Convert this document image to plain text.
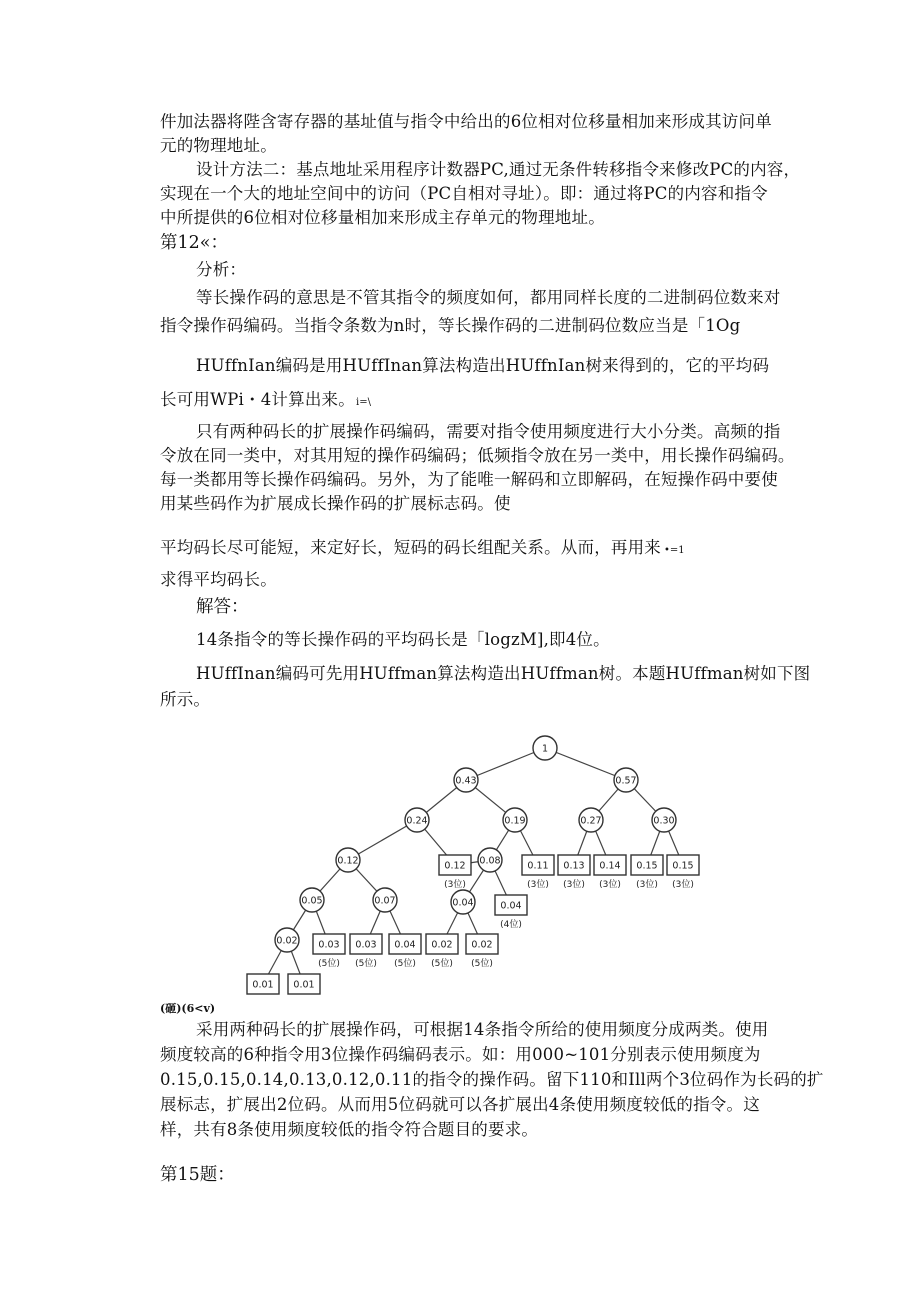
件加法器将陛含寄存器的基址值与指令中给出的6位相对位移量相加来形成其访问单
元的物理地址。
设计方法二：基点地址采用程序计数器PC,通过无条件转移指令来修改PC的内容，
实现在一个大的地址空间中的访问（PC自相对寻址）。即：通过将PC的内容和指令
中所提供的6位相对位移量相加来形成主存单元的物理地址。
第12«：
分析：
等长操作码的意思是不管其指令的频度如何，都用同样长度的二进制码位数来对
指令操作码编码。当指令条数为n时，等长操作码的二进制码位数应当是「1Og
HUffnIan编码是用HUffInan算法构造出HUffnIan树来得到的，它的平均码
长可用WPi・4计算出来。 i=\
只有两种码长的扩展操作码编码，需要对指令使用频度进行大小分类。高频的指
令放在同一类中，对其用短的操作码编码；低频指令放在另一类中，用长操作码编码。
每一类都用等长操作码编码。另外，为了能唯一解码和立即解码，在短操作码中要使
用某些码作为扩展成长操作码的扩展标志码。使
平均码长尽可能短，来定好长，短码的码长组配关系。从而，再用来 •=1
求得平均码长。
解答：
14条指令的等长操作码的平均码长是「logzM],即4位。
HUffInan编码可先用HUffman算法构造出HUffman树。本题HUffman树如下图
所示。
1
0.43	0.57
0.24	0.19	0.27	0.30
0.12	0.08
0.05	0.07	0.04
0.02
0.12
(3位)
0.11
(3位)
0.13
(3位)
0.14
(3位)
0.15
(3位)
0.15
(3位)
0.04
(4位)
0.03
(5位)
0.03
(5位)
0.04
(5位)
0.02
(5位)
0.02
(5位)
0.01 0.01
(砸)(6<v)
采用两种码长的扩展操作码，可根据14条指令所给的使用频度分成两类。使用
频度较高的6种指令用3位操作码编码表示。如：用000~101分别表示使用频度为
0.15,0.15,0.14,0.13,0.12,0.11的指令的操作码。留下110和Ill两个3位码作为长码的扩
展标志，扩展出2位码。从而用5位码就可以各扩展出4条使用频度较低的指令。这
样，共有8条使用频度较低的指令符合题目的要求。
第15题：
